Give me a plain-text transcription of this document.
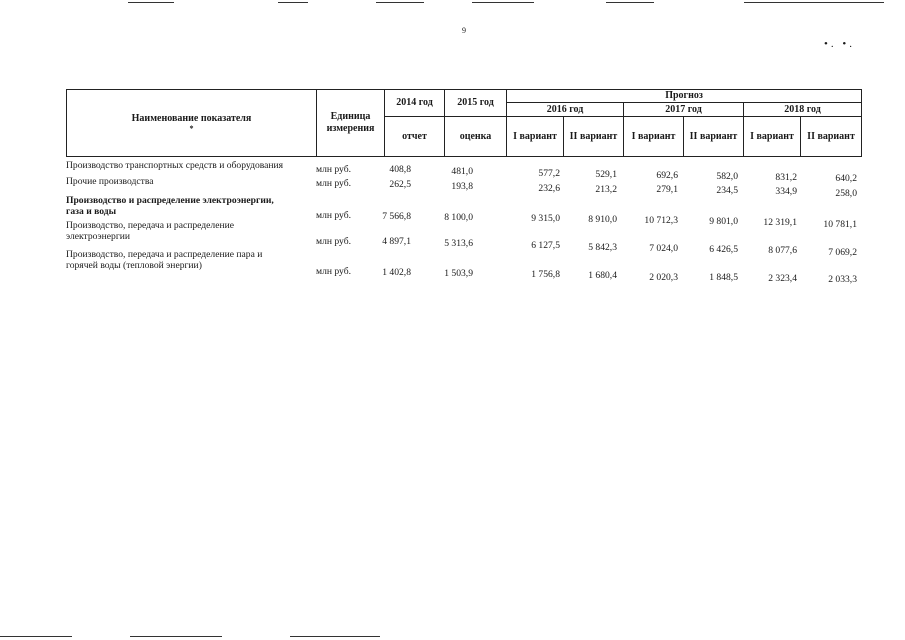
9
•. •.
Наименование показателя
*	Единица измерения	2014 год	2015 год	Прогноз					
				2016 год		2017 год		2018 год	
		отчет	оценка	I вариант	II вариант	I вариант	II вариант	I вариант	II вариант
Производство транспортных средств и оборудования	млн руб.	408,8	481,0	577,2	529,1	692,6	582,0	831,2	640,2
Прочие производства	млн руб.	262,5	193,8	232,6	213,2	279,1	234,5	334,9	258,0
Производство и распределение электроэнергии,
газа и воды	млн руб.	7 566,8	8 100,0	9 315,0	8 910,0	10 712,3	9 801,0	12 319,1	10 781,1
Производство, передача и распределение
электроэнергии	млн руб.	4 897,1	5 313,6	6 127,5	5 842,3	7 024,0	6 426,5	8 077,6	7 069,2
Производство, передача и распределение пара и
горячей воды (тепловой энергии)
млн руб.	1 402,8	1 503,9	1 756,8	1 680,4	2 020,3	1 848,5	2 323,4	2 033,3
